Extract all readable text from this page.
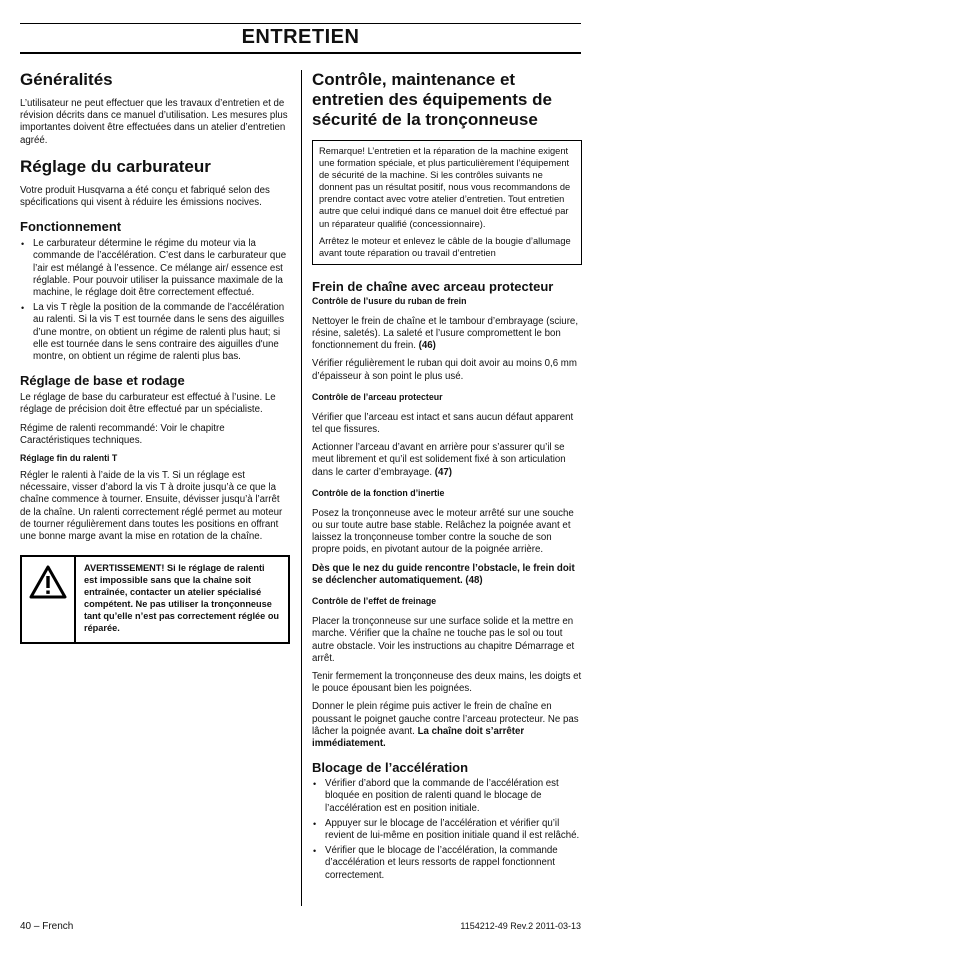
ENTRETIEN
Généralités

L’utilisateur ne peut effectuer que les travaux d’entretien et de révision décrits dans ce manuel d’utilisation. Les mesures plus importantes doivent être effectuées dans un atelier d’entretien agréé.

Réglage du carburateur

Votre produit Husqvarna a été conçu et fabriqué selon des spécifications qui visent à réduire les émissions nocives.

Fonctionnement
• Le carburateur détermine le régime du moteur via la commande de l’accélération. C’est dans le carburateur que l’air est mélangé à l’essence. Ce mélange air/ essence est réglable. Pour pouvoir utiliser la puissance maximale de la machine, le réglage doit être correctement effectué.
• La vis T règle la position de la commande de l’accélération au ralenti. Si la vis T est tournée dans le sens des aiguilles d’une montre, on obtient un régime de ralenti plus haut; si elle est tournée dans le sens contraire des aiguilles d'une montre, on obtient un régime de ralenti plus bas.
Réglage de base et rodage

Le réglage de base du carburateur est effectué à l’usine. Le réglage de précision doit être effectué par un spécialiste.

Régime de ralenti recommandé: Voir le chapitre Caractéristiques techniques.

Réglage fin du ralenti T

Régler le ralenti à l’aide de la vis T. Si un réglage est nécessaire, visser d’abord la vis T à droite jusqu’à ce que la chaîne commence à tourner. Ensuite, dévisser jusqu’à l’arrêt de la chaîne. Un ralenti correctement réglé permet au moteur de tourner régulièrement dans toutes les positions en offrant une bonne marge avant la mise en rotation de la chaîne.

AVERTISSEMENT! Si le réglage de ralenti est impossible sans que la chaîne soit entraînée, contacter un atelier spécialisé compétent. Ne pas utiliser la tronçonneuse tant qu’elle n’est pas correctement réglée ou réparée.
Contrôle, maintenance et entretien des équipements de sécurité de la tronçonneuse

Remarque! L’entretien et la réparation de la machine exigent une formation spéciale, et plus particulièrement l’équipement de sécurité de la machine. Si les contrôles suivants ne donnent pas un résultat positif, nous vous recommandons de prendre contact avec votre atelier d’entretien. Tout entretien autre que celui indiqué dans ce manuel doit être effectué par un réparateur qualifié (concessionnaire).

Arrêtez le moteur et enlevez le câble de la bougie d’allumage avant toute réparation ou travail d’entretien

Frein de chaîne avec arceau protecteur
Contrôle de l’usure du ruban de frein

Nettoyer le frein de chaîne et le tambour d’embrayage (sciure, résine, saletés). La saleté et l’usure compromettent le bon fonctionnement du frein. (46)

Vérifier régulièrement le ruban qui doit avoir au moins 0,6 mm d’épaisseur à son point le plus usé.

Contrôle de l’arceau protecteur

Vérifier que l’arceau est intact et sans aucun défaut apparent tel que fissures.

Actionner l’arceau d’avant en arrière pour s’assurer qu’il se meut librement et qu’il est solidement fixé à son articulation dans le carter d’embrayage. (47)

Contrôle de la fonction d’inertie

Posez la tronçonneuse avec le moteur arrêté sur une souche ou sur toute autre base stable. Relâchez la poignée avant et laissez la tronçonneuse tomber contre la souche de son propre poids, en pivotant autour de la poignée arrière.

Dès que le nez du guide rencontre l’obstacle, le frein doit se déclencher automatiquement. (48)

Contrôle de l’effet de freinage

Placer la tronçonneuse sur une surface solide et la mettre en marche. Vérifier que la chaîne ne touche pas le sol ou tout autre obstacle. Voir les instructions au chapitre Démarrage et arrêt.

Tenir fermement la tronçonneuse des deux mains, les doigts et le pouce épousant bien les poignées.

Donner le plein régime puis activer le frein de chaîne en poussant le poignet gauche contre l’arceau protecteur. Ne pas lâcher la poignée avant. La chaîne doit s’arrêter immédiatement.

Blocage de l’accélération
• Vérifier d’abord que la commande de l’accélération est bloquée en position de ralenti quand le blocage de l’accélération est en position initiale.
• Appuyer sur le blocage de l’accélération et vérifier qu’il revient de lui-même en position initiale quand il est relâché.
• Vérifier que le blocage de l’accélération, la commande d’accélération et leurs ressorts de rappel fonctionnent correctement.
40 – French	1154212-49 Rev.2 2011-03-13
